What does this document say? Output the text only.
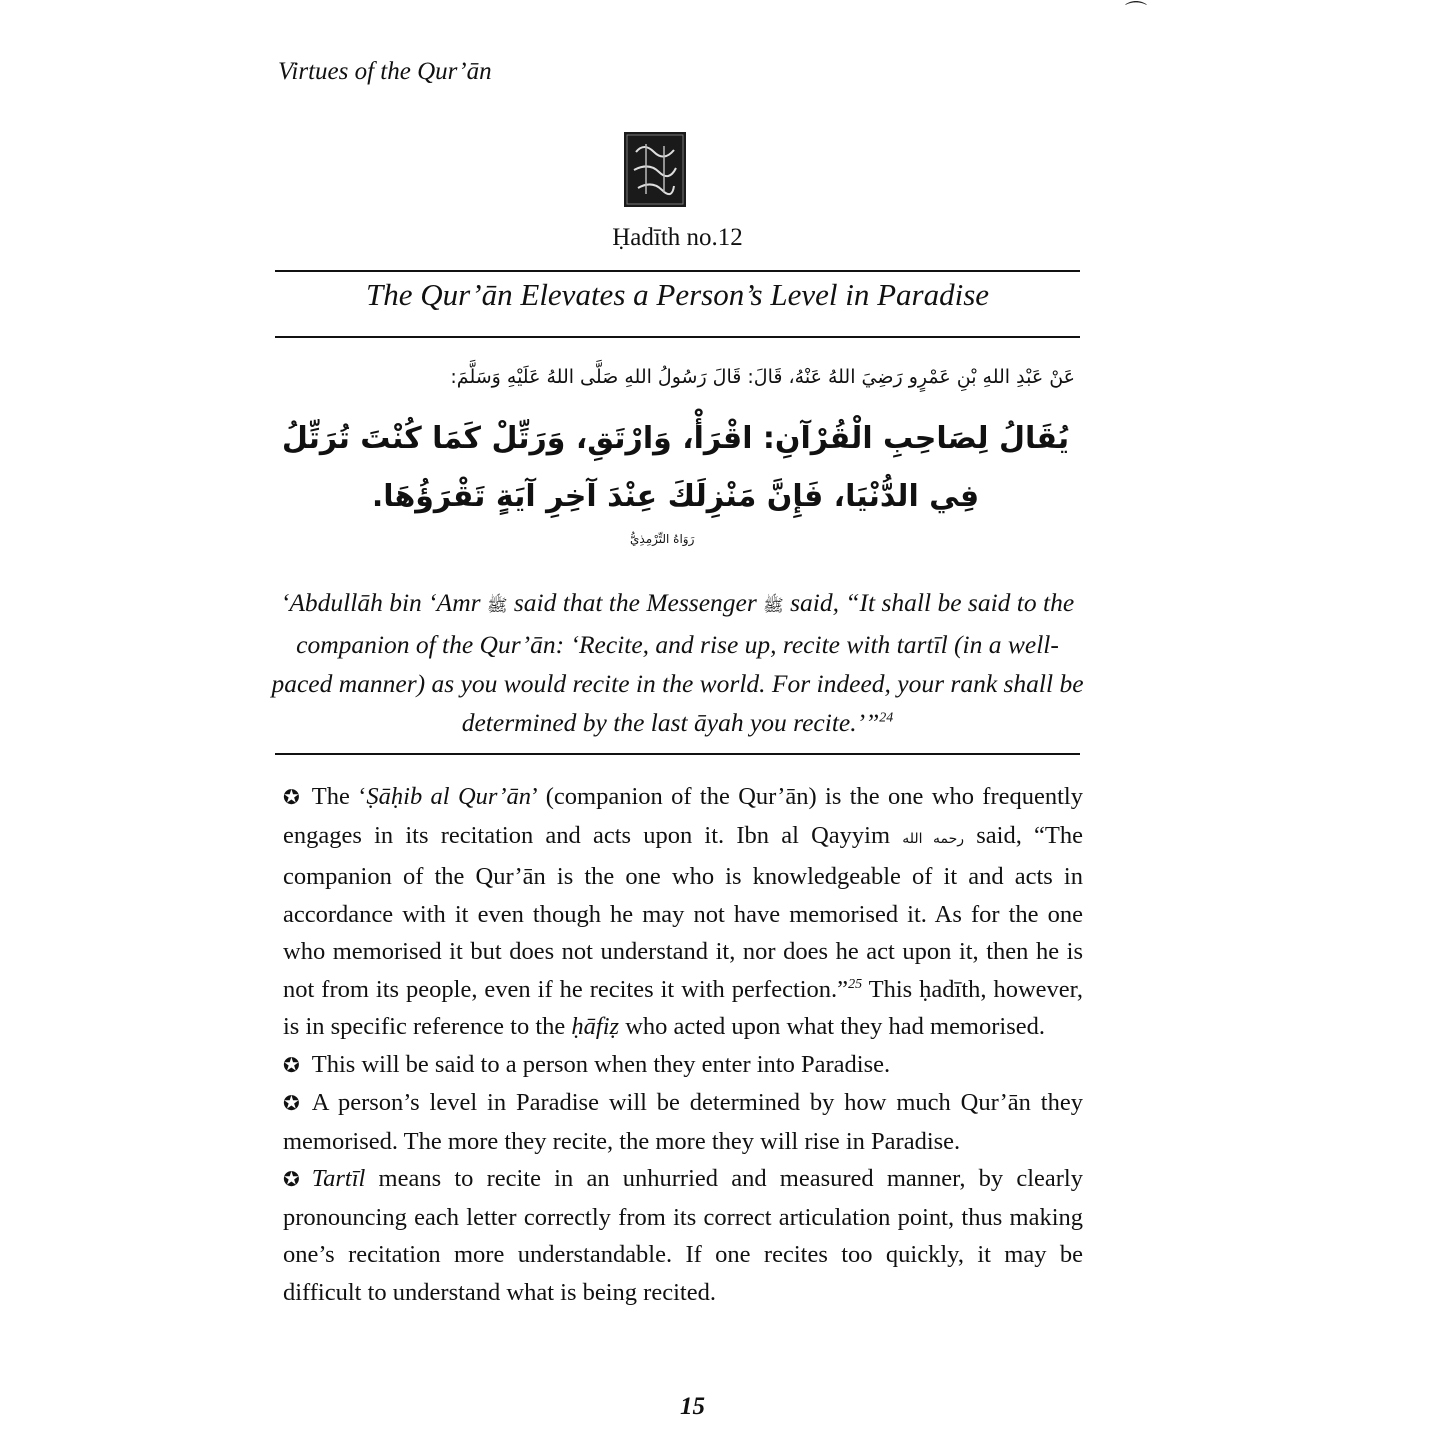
⌒
Virtues of the Qur’ān
Ḥadīth no.12
The Qur’ān Elevates a Person’s Level in Paradise
عَنْ عَبْدِ اللهِ بْنِ عَمْرٍو رَضِيَ اللهُ عَنْهُ، قَالَ: قَالَ رَسُولُ اللهِ صَلَّى اللهُ عَلَيْهِ وَسَلَّمَ:
يُقَالُ لِصَاحِبِ الْقُرْآنِ: اقْرَأْ، وَارْتَقِ، وَرَتِّلْ كَمَا كُنْتَ تُرَتِّلُ فِي الدُّنْيَا، فَإِنَّ مَنْزِلَكَ عِنْدَ آخِرِ آيَةٍ تَقْرَؤُهَا.
رَوَاهُ التِّرْمِذِيُّ
‘Abdullāh bin ‘Amr ﷺ said that the Messenger ﷺ said, “It shall be said to the companion of the Qur’ān: ‘Recite, and rise up, recite with tartīl (in a well-paced manner) as you would recite in the world. For indeed, your rank shall be determined by the last āyah you recite.’”$^{24}$

✪ The ‘Ṣāḥib al Qur’ān’ (companion of the Qur’ān) is the one who frequently engages in its recitation and acts upon it. Ibn al Qayyim رحمه الله said, “The companion of the Qur’ān is the one who is knowledgeable of it and acts in accordance with it even though he may not have memorised it. As for the one who memorised it but does not understand it, nor does he act upon it, then he is not from its people, even if he recites it with perfection.”$^{25}$ This ḥadīth, however, is in specific reference to the ḥāfiẓ who acted upon what they had memorised.

✪ This will be said to a person when they enter into Paradise.

✪ A person’s level in Paradise will be determined by how much Qur’ān they memorised. The more they recite, the more they will rise in Paradise.

✪ Tartīl means to recite in an unhurried and measured manner, by clearly pronouncing each letter correctly from its correct articulation point, thus making one’s recitation more understandable. If one recites too quickly, it may be difficult to understand what is being recited.

15
